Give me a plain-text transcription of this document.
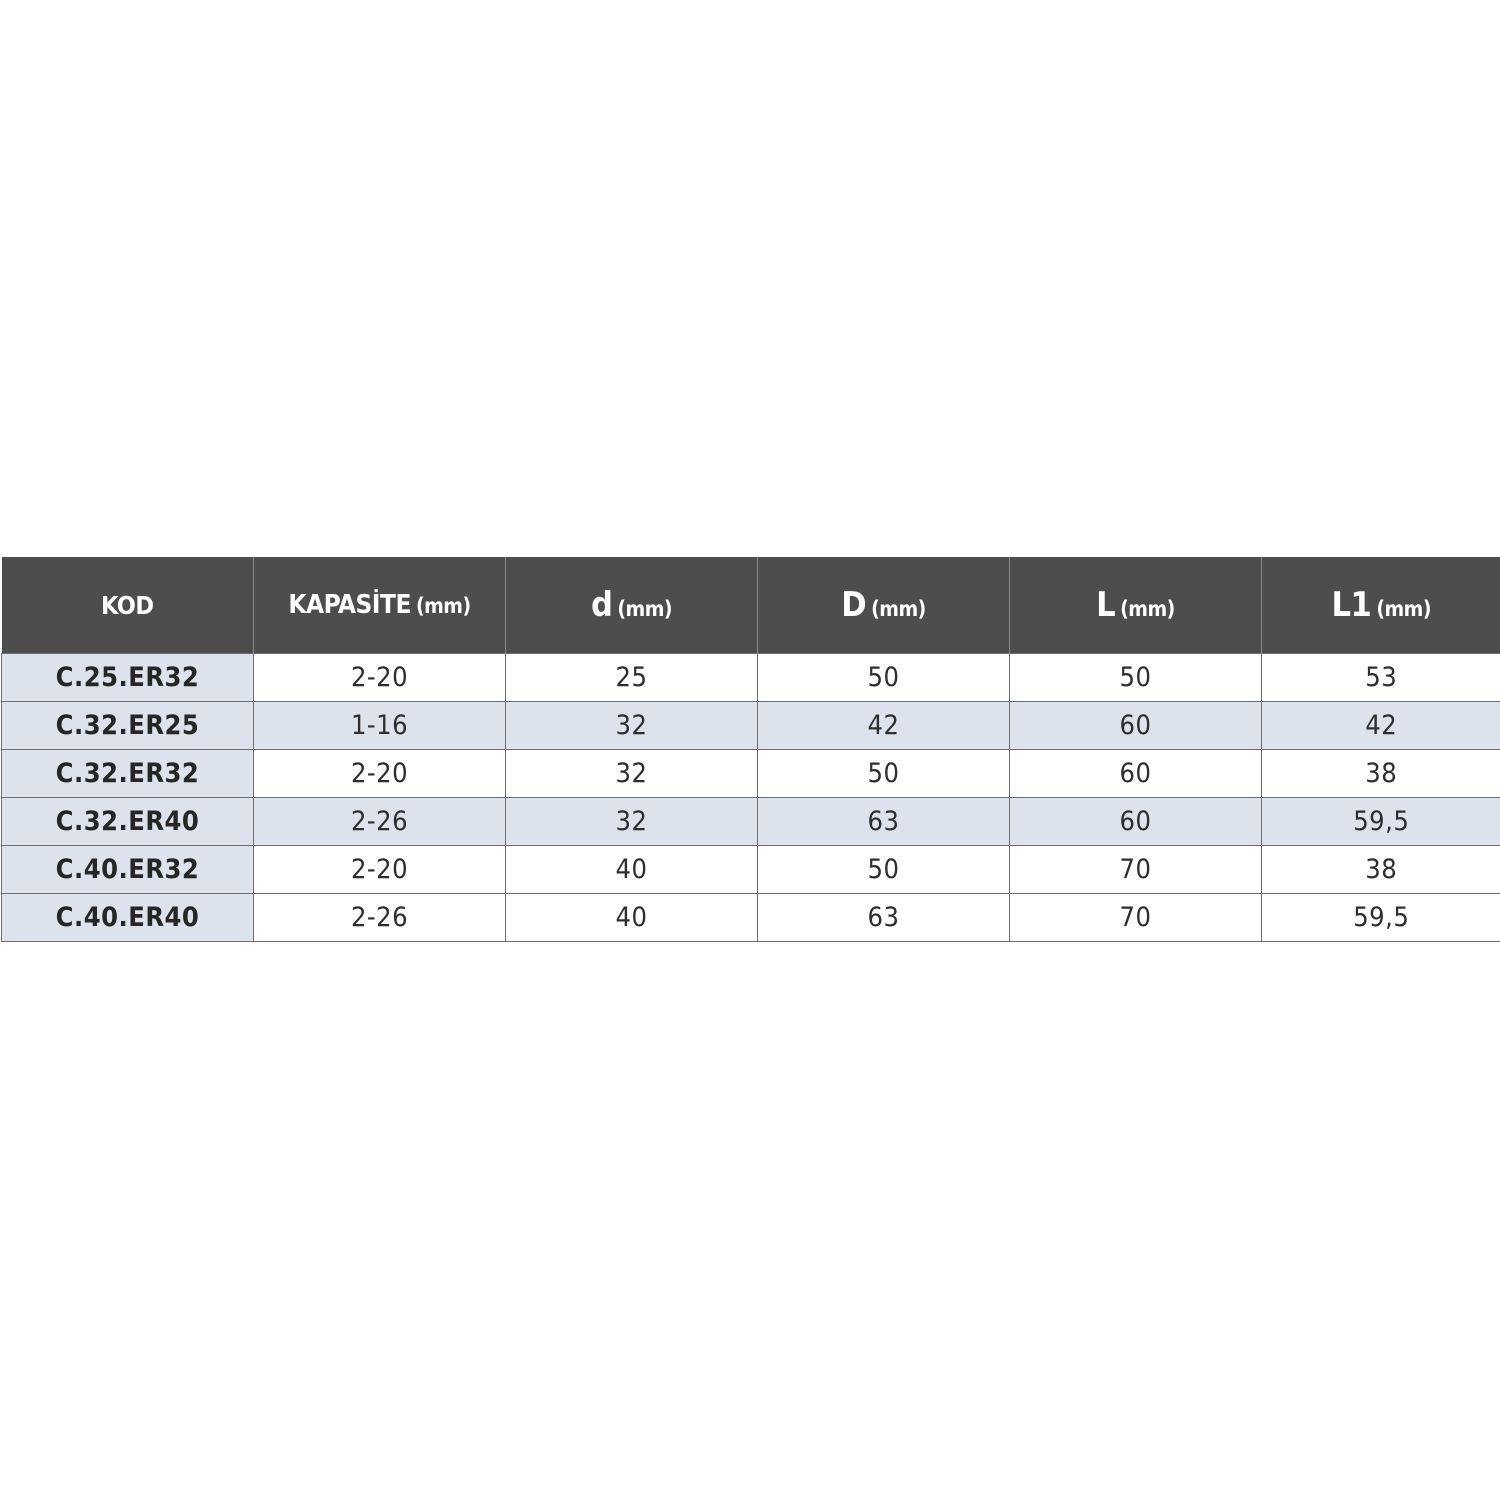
KOD	KAPASİTE (mm)	d (mm)	D (mm)	L (mm)	L1 (mm)
C.25.ER32	2-20	25	50	50	53
C.32.ER25	1-16	32	42	60	42
C.32.ER32	2-20	32	50	60	38
C.32.ER40	2-26	32	63	60	59,5
C.40.ER32	2-20	40	50	70	38
C.40.ER40	2-26	40	63	70	59,5
